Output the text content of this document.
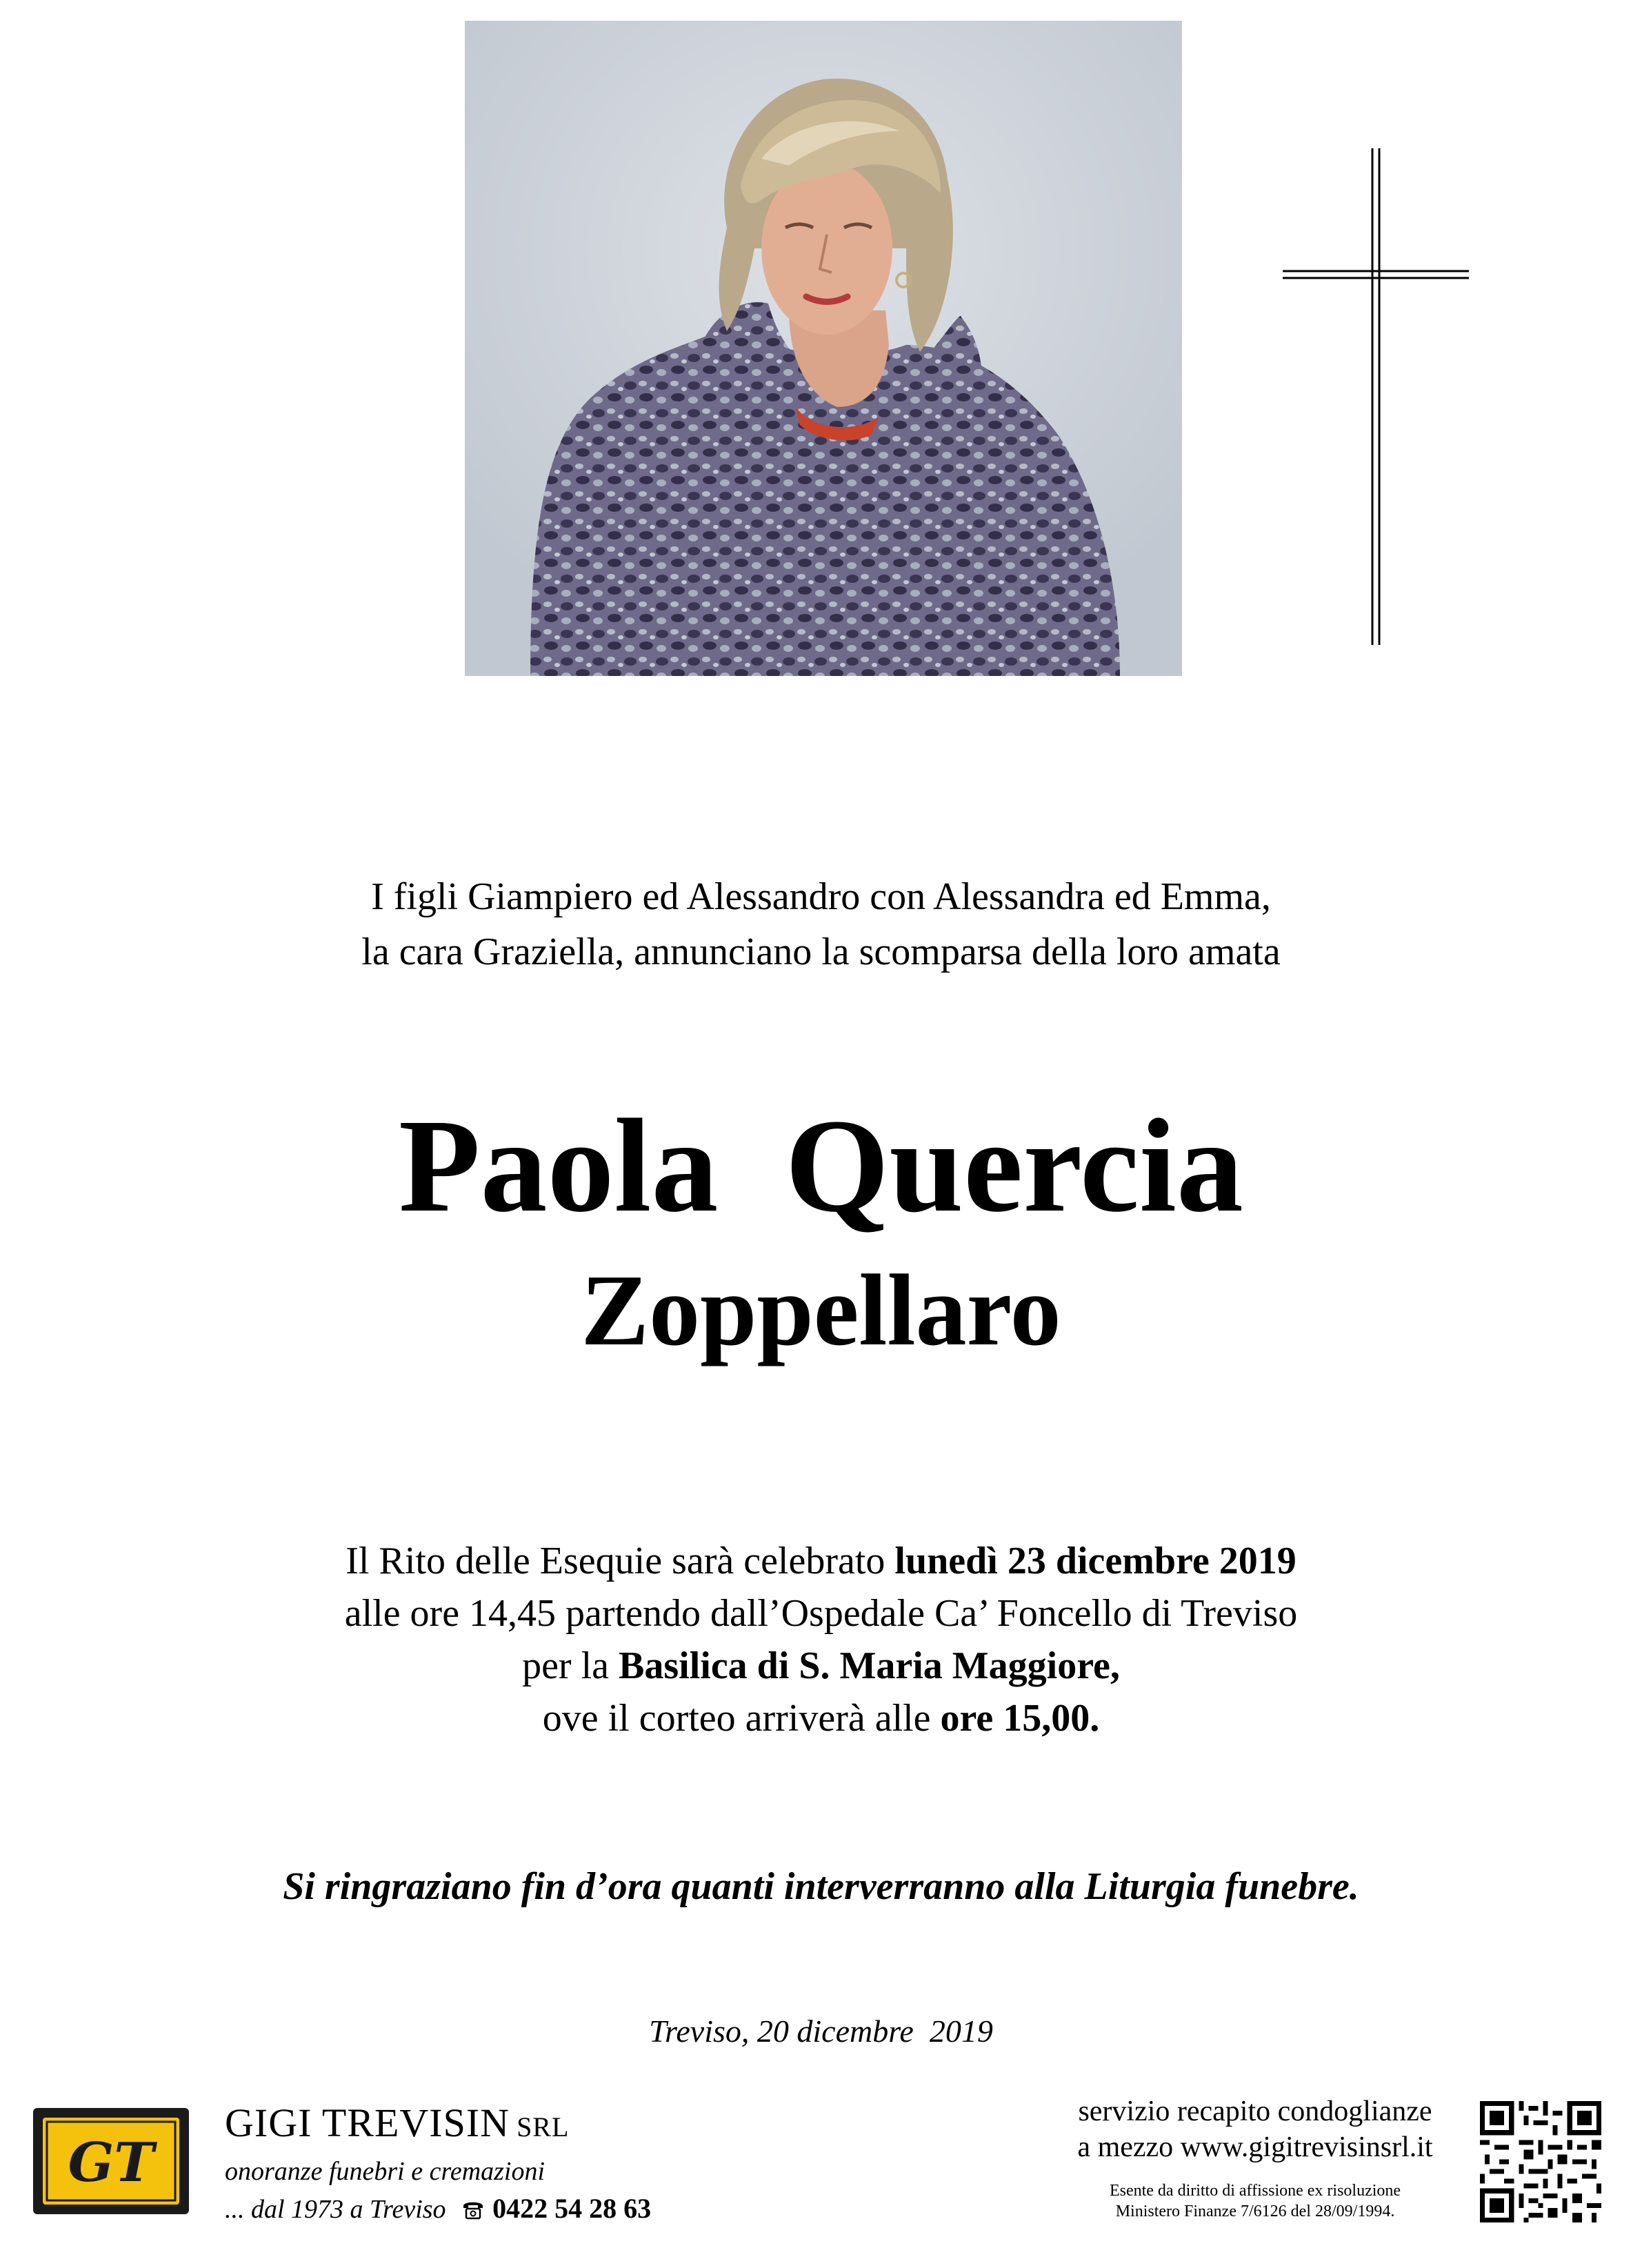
I figli Giampiero ed Alessandro con Alessandra ed Emma,
la cara Graziella, annunciano la scomparsa della loro amata
Paola  Quercia
Zoppellaro
Il Rito delle Esequie sarà celebrato lunedì 23 dicembre 2019
alle ore 14,45 partendo dall’Ospedale Ca’ Foncello di Treviso
per la Basilica di S. Maria Maggiore,
ove il corteo arriverà alle ore 15,00.
Si ringraziano fin d’ora quanti interverranno alla Liturgia funebre.
Treviso, 20 dicembre  2019
GT
GIGI TREVISIN SRL
onoranze funebri e cremazioni
... dal 1973 a Treviso 0422 54 28 63
servizio recapito condoglianze
a mezzo www.gigitrevisinsrl.it
Esente da diritto di affissione ex risoluzione
Ministero Finanze 7/6126 del 28/09/1994.
